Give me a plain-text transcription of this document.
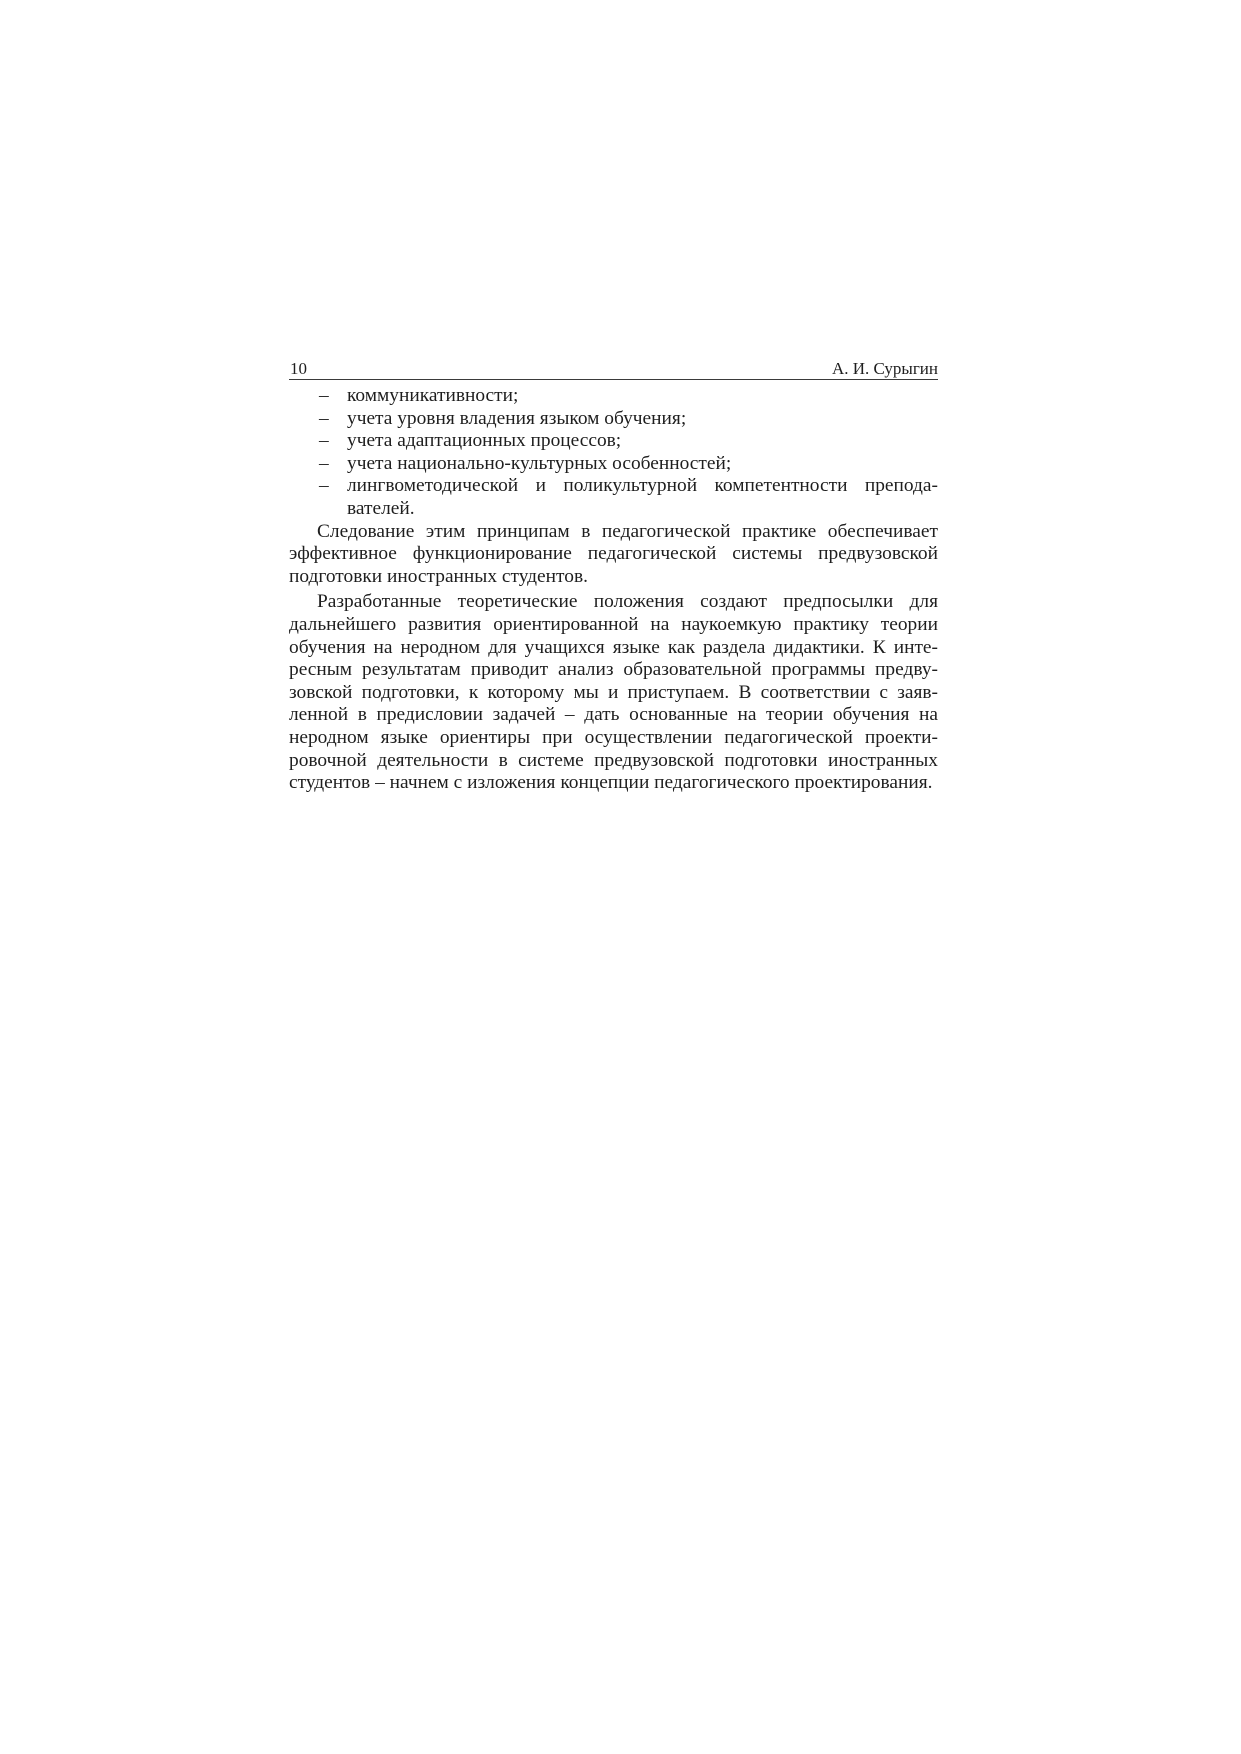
10	А. И. Сурыгин
– коммуникативности;
– учета уровня владения языком обучения;
– учета адаптационных процессов;
– учета национально-культурных особенностей;
– лингвометодической и поликультурной компетентности преподавателей.

Следование этим принципам в педагогической практике обеспечивает эффективное функционирование педагогической системы предвузовской подготовки иностранных студентов.

Разработанные теоретические положения создают предпосылки для дальнейшего развития ориентированной на наукоемкую практику теории обучения на неродном для учащихся языке как раздела дидактики. К интересным результатам приводит анализ образовательной программы предвузовской подготовки, к которому мы и приступаем. В соответствии с заявленной в предисловии задачей – дать основанные на теории обучения на неродном языке ориентиры при осуществлении педагогической проектировочной деятельности в системе предвузовской подготовки иностранных студентов – начнем с изложения концепции педагогического проектирования.
